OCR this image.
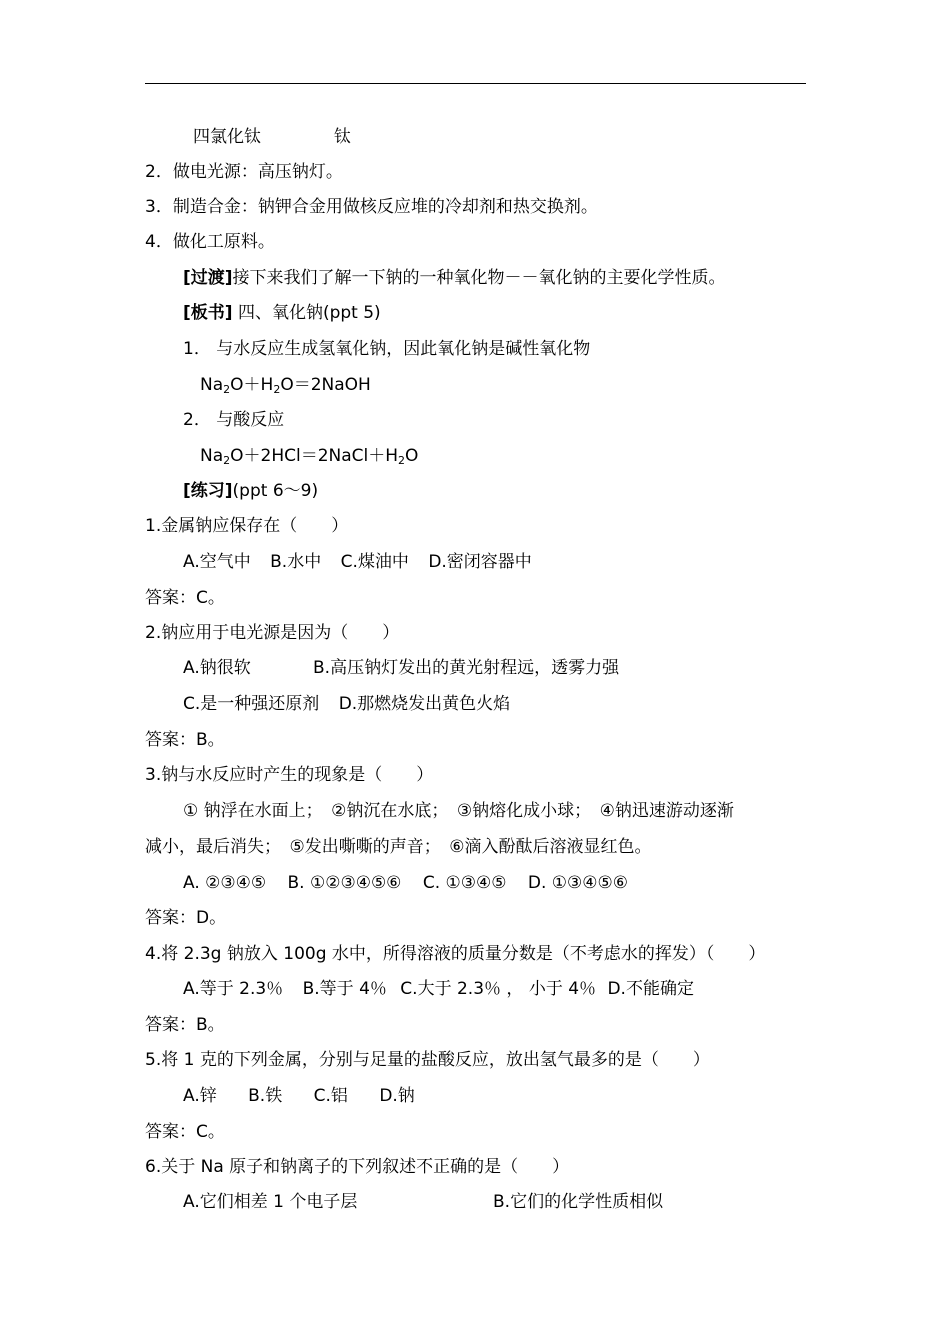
四氯化钛	钛
2．做电光源：高压钠灯。
3．制造合金：钠钾合金用做核反应堆的冷却剂和热交换剂。
4．做化工原料。
[过渡]接下来我们了解一下钠的一种氧化物－－氧化钠的主要化学性质。
[板书] 四、氧化钠(ppt 5)
1． 与水反应生成氢氧化钠，因此氧化钠是碱性氧化物
$Na_2O+H_2O=2NaOH$
2． 与酸反应
$Na_2O+2HCl=2NaCl+H_2O$
[练习](ppt 6～9)
1.金属钠应保存在（　　）
A.空气中 B.水中 C.煤油中 D.密闭容器中
答案：C。
2.钠应用于电光源是因为（　　）
A.钠很软	B.高压钠灯发出的黄光射程远，透雾力强
C.是一种强还原剂 D.那燃烧发出黄色火焰
答案：B。
3.钠与水反应时产生的现象是（　　）
① 钠浮在水面上；　②钠沉在水底；　③钠熔化成小球；　④钠迅速游动逐渐
减小，最后消失；　⑤发出嘶嘶的声音；　⑥滴入酚酞后溶液显红色。
A. ②③④⑤ B. ①②③④⑤⑥ C. ①③④⑤ D. ①③④⑤⑥
答案：D。
4.将 2.3g 钠放入 100g 水中，所得溶液的质量分数是（不考虑水的挥发）（　　）
A.等于 2.3％ B.等于 4％ C.大于 2.3％ ， 小于 4％ D.不能确定
答案：B。
5.将 1 克的下列金属，分别与足量的盐酸反应，放出氢气最多的是（　　）
A.锌 B.铁 C.铝 D.钠
答案：C。
6.关于 Na 原子和钠离子的下列叙述不正确的是（　　）
A.它们相差 1 个电子层	B.它们的化学性质相似
